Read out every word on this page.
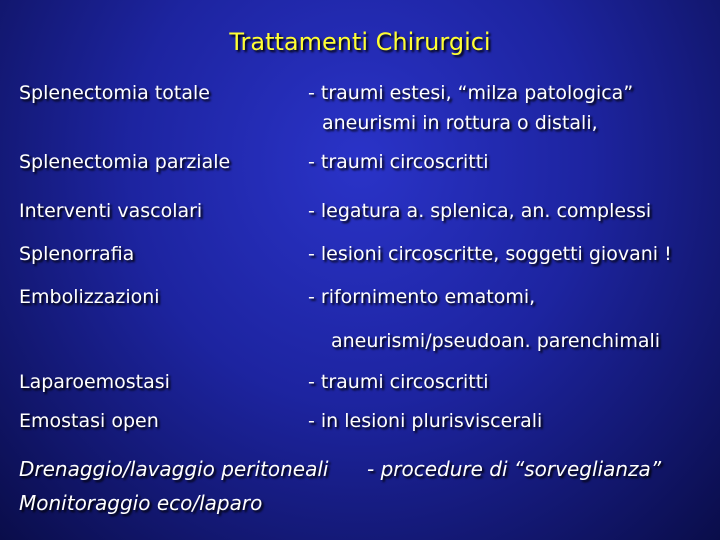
Trattamenti Chirurgici
Splenectomia totale	- traumi estesi, “milza patologica”
aneurismi in rottura o distali,
Splenectomia parziale	- traumi circoscritti
Interventi vascolari	- legatura a. splenica, an. complessi
Splenorrafia	- lesioni circoscritte, soggetti giovani !
Embolizzazioni	- rifornimento ematomi,
aneurismi/pseudoan. parenchimali
Laparoemostasi	- traumi circoscritti
Emostasi open	- in lesioni plurisviscerali
Drenaggio/lavaggio peritoneali - procedure di “sorveglianza”
Monitoraggio eco/laparo
